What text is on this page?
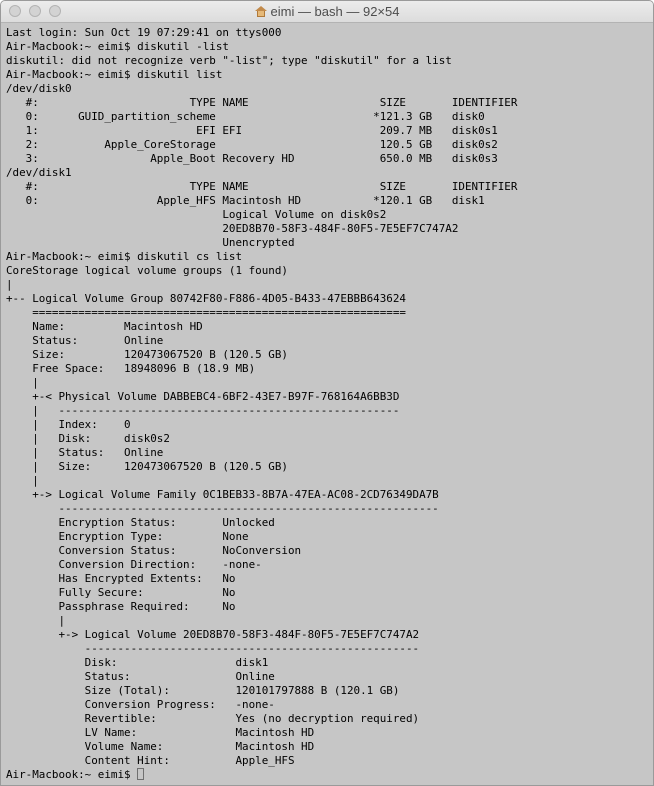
eimi — bash — 92×54
Last login: Sun Oct 19 07:29:41 on ttys000
Air-Macbook:~ eimi$ diskutil -list
diskutil: did not recognize verb "-list"; type "diskutil" for a list
Air-Macbook:~ eimi$ diskutil list
/dev/disk0
#:                       TYPE NAME                    SIZE       IDENTIFIER
0:      GUID_partition_scheme                        *121.3 GB   disk0
1:                        EFI EFI                     209.7 MB   disk0s1
2:          Apple_CoreStorage                         120.5 GB   disk0s2
3:                 Apple_Boot Recovery HD             650.0 MB   disk0s3
/dev/disk1
#:                       TYPE NAME                    SIZE       IDENTIFIER
0:                  Apple_HFS Macintosh HD           *120.1 GB   disk1
Logical Volume on disk0s2
20ED8B70-58F3-484F-80F5-7E5EF7C747A2
Unencrypted
Air-Macbook:~ eimi$ diskutil cs list
CoreStorage logical volume groups (1 found)
|
+-- Logical Volume Group 80742F80-F886-4D05-B433-47EBBB643624
=========================================================
Name:         Macintosh HD
Status:       Online
Size:         120473067520 B (120.5 GB)
Free Space:   18948096 B (18.9 MB)
|
+-< Physical Volume DABBEBC4-6BF2-43E7-B97F-768164A6BB3D
|   ----------------------------------------------------
|   Index:    0
|   Disk:     disk0s2
|   Status:   Online
|   Size:     120473067520 B (120.5 GB)
|
+-> Logical Volume Family 0C1BEB33-8B7A-47EA-AC08-2CD76349DA7B
----------------------------------------------------------
Encryption Status:       Unlocked
Encryption Type:         None
Conversion Status:       NoConversion
Conversion Direction:    -none-
Has Encrypted Extents:   No
Fully Secure:            No
Passphrase Required:     No
|
+-> Logical Volume 20ED8B70-58F3-484F-80F5-7E5EF7C747A2
---------------------------------------------------
Disk:                  disk1
Status:                Online
Size (Total):          120101797888 B (120.1 GB)
Conversion Progress:   -none-
Revertible:            Yes (no decryption required)
LV Name:               Macintosh HD
Volume Name:           Macintosh HD
Content Hint:          Apple_HFS
Air-Macbook:~ eimi$
